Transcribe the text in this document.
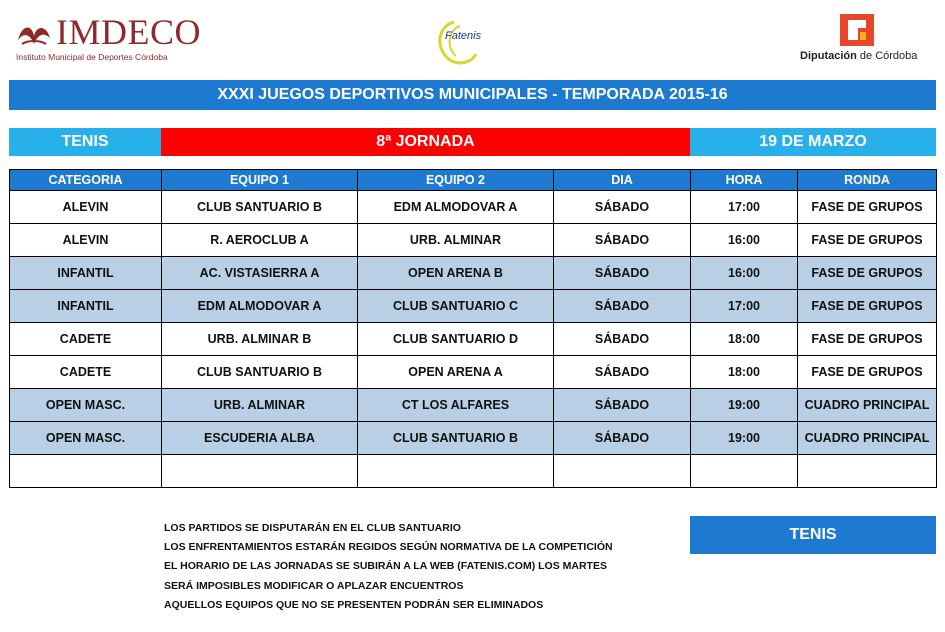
IMDECO
Instituto Municipal de Deportes Córdoba
Fatenis
Diputación de Córdoba
XXXI JUEGOS DEPORTIVOS MUNICIPALES - TEMPORADA 2015-16
TENIS	8ª JORNADA	19 DE MARZO
CATEGORIA	EQUIPO 1	EQUIPO 2	DIA	HORA	RONDA
ALEVIN	CLUB SANTUARIO B	EDM ALMODOVAR A	SÁBADO	17:00	FASE DE GRUPOS
ALEVIN	R. AEROCLUB A	URB. ALMINAR	SÁBADO	16:00	FASE DE GRUPOS
INFANTIL	AC. VISTASIERRA A	OPEN ARENA B	SÁBADO	16:00	FASE DE GRUPOS
INFANTIL	EDM ALMODOVAR A	CLUB SANTUARIO C	SÁBADO	17:00	FASE DE GRUPOS
CADETE	URB. ALMINAR B	CLUB SANTUARIO D	SÁBADO	18:00	FASE DE GRUPOS
CADETE	CLUB SANTUARIO B	OPEN ARENA A	SÁBADO	18:00	FASE DE GRUPOS
OPEN MASC.	URB. ALMINAR	CT LOS ALFARES	SÁBADO	19:00	CUADRO PRINCIPAL
OPEN MASC.	ESCUDERIA ALBA	CLUB SANTUARIO B	SÁBADO	19:00	CUADRO PRINCIPAL

LOS PARTIDOS SE DISPUTARÁN EN EL CLUB SANTUARIO
LOS ENFRENTAMIENTOS ESTARÁN REGIDOS SEGÚN NORMATIVA DE LA COMPETICIÓN
EL HORARIO DE LAS JORNADAS SE SUBIRÁN A LA WEB (FATENIS.COM) LOS MARTES
SERÁ IMPOSIBLES MODIFICAR O APLAZAR ENCUENTROS
AQUELLOS EQUIPOS QUE NO SE PRESENTEN PODRÁN SER ELIMINADOS
TENIS
